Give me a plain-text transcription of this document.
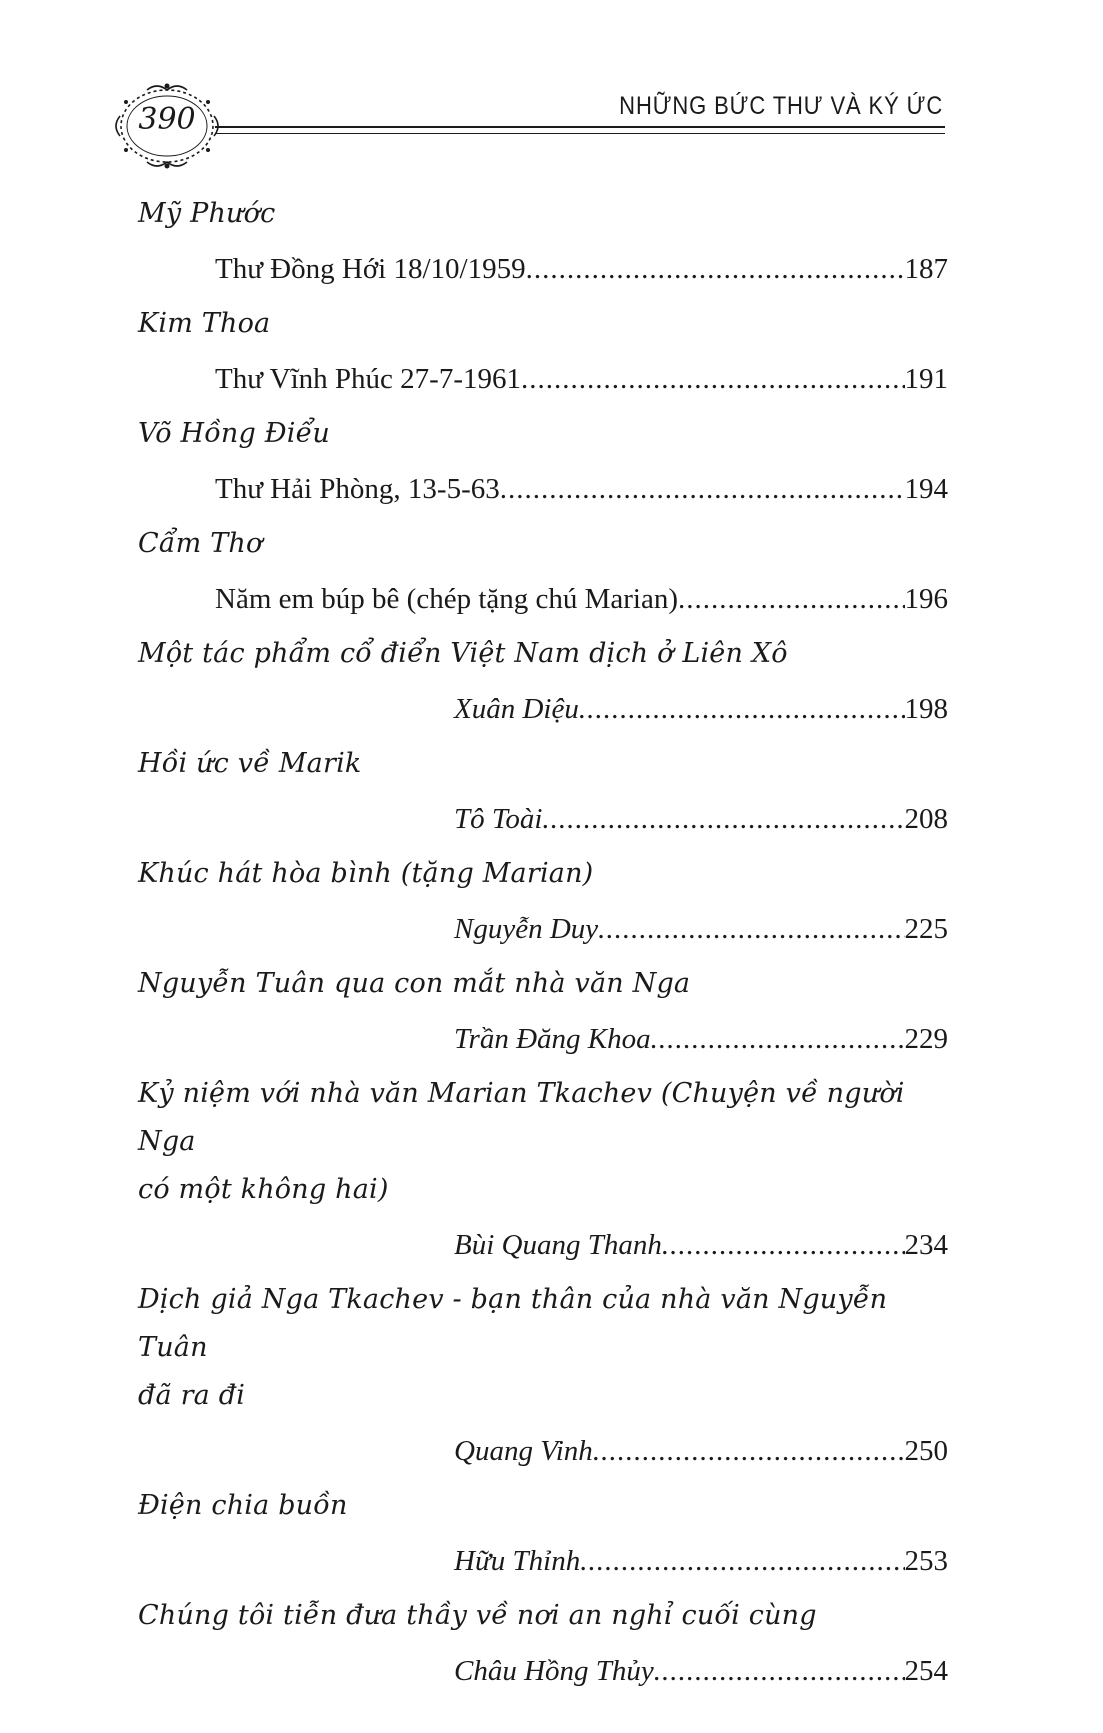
390	NHỮNG BỨC THƯ VÀ KÝ ỨC
Mỹ Phước
Thư Đồng Hới 18/10/1959 .....	187
Kim Thoa
Thư Vĩnh Phúc 27-7-1961 .....	191
Võ Hồng Điểu
Thư Hải Phòng, 13-5-63 .....	194
Cẩm Thơ
Năm em búp bê (chép tặng chú Marian) .....	196
Một tác phẩm cổ điển Việt Nam dịch ở Liên Xô
Xuân Diệu .....	198
Hồi ức về Marik
Tô Toài .....	208
Khúc hát hòa bình (tặng Marian)
Nguyễn Duy .....	225
Nguyễn Tuân qua con mắt nhà văn Nga
Trần Đăng Khoa .....	229
Kỷ niệm với nhà văn Marian Tkachev (Chuyện về người Nga
có một không hai)
Bùi Quang Thanh .....	234
Dịch giả Nga Tkachev - bạn thân của nhà văn Nguyễn Tuân
đã ra đi
Quang Vinh .....	250
Điện chia buồn
Hữu Thỉnh .....	253
Chúng tôi tiễn đưa thầy về nơi an nghỉ cuối cùng
Châu Hồng Thủy .....	254
